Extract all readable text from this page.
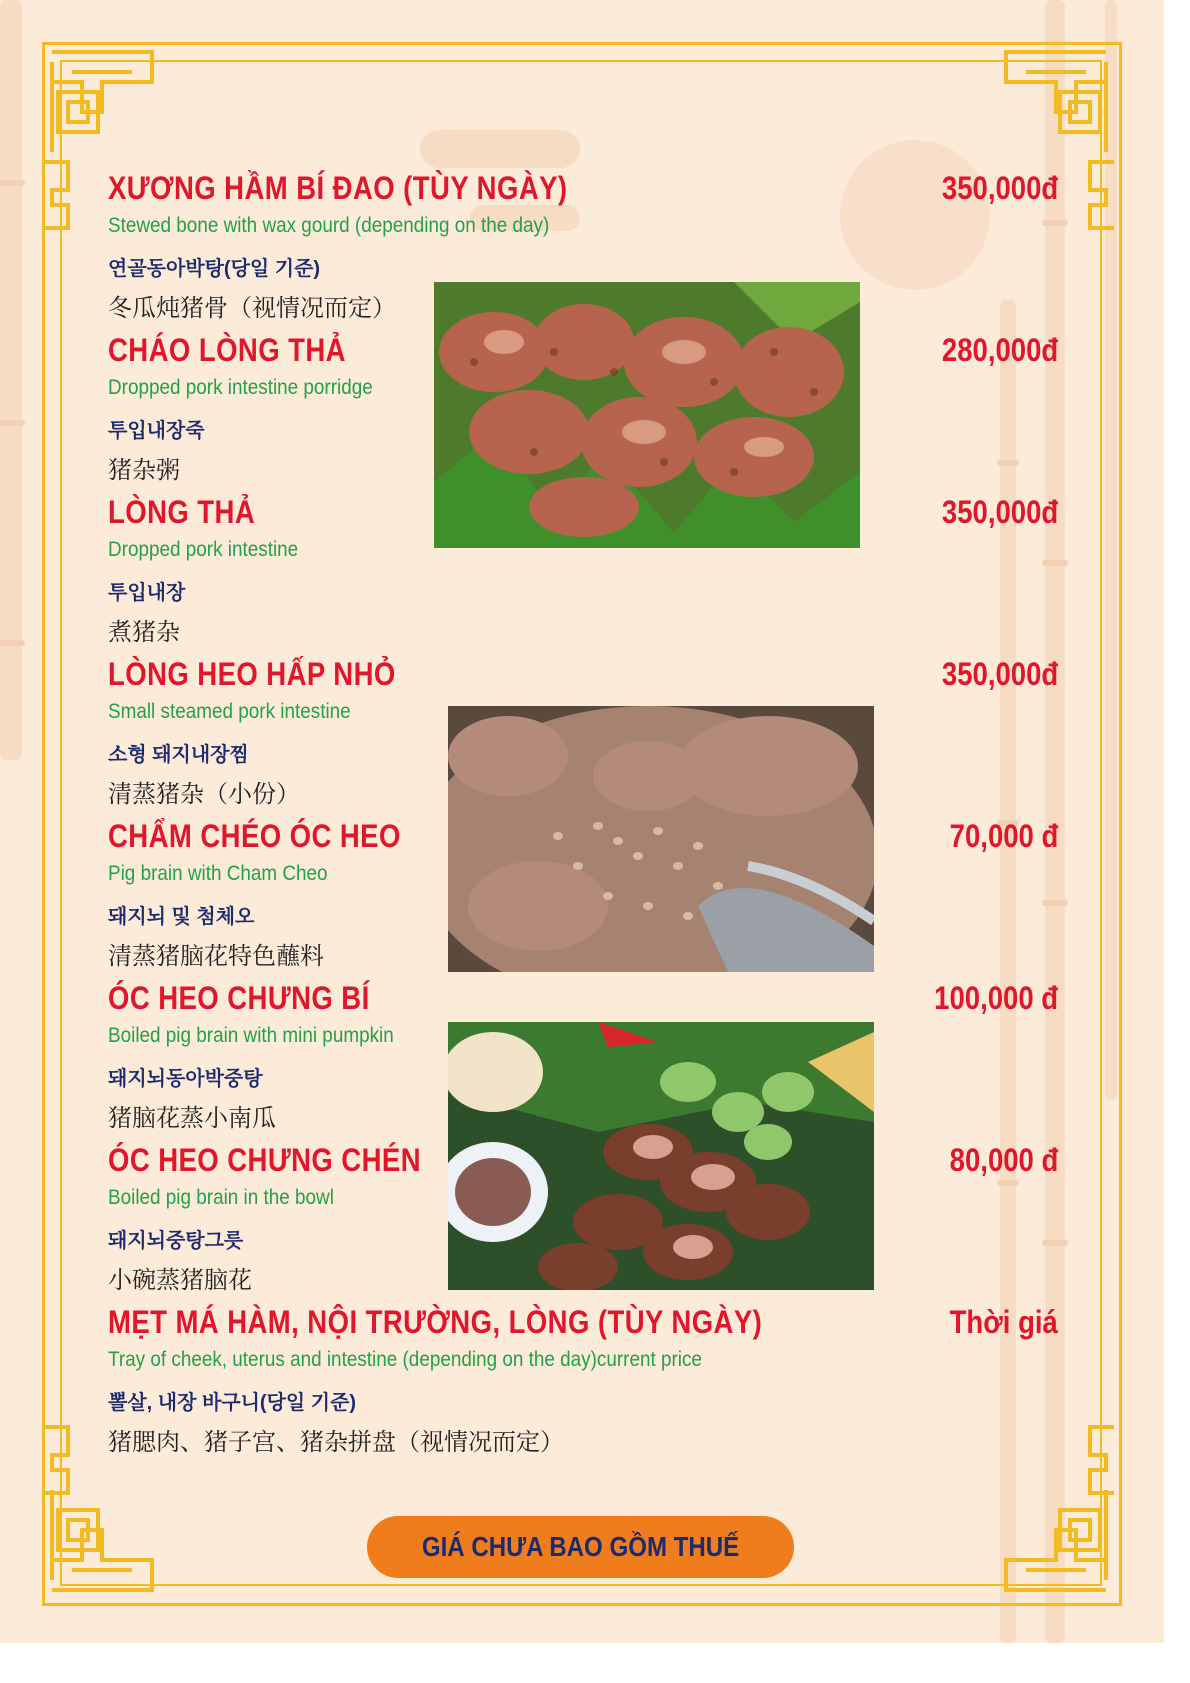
XƯƠNG HẦM BÍ ĐAO (TÙY NGÀY)	350,000đ
Stewed bone with wax gourd (depending on the day)
연골동아박탕(당일 기준)
冬瓜炖猪骨（视情况而定）
CHÁO LÒNG THẢ	280,000đ
Dropped pork intestine porridge
투입내장죽
猪杂粥
LÒNG THẢ	350,000đ
Dropped pork intestine
투입내장
煮猪杂
LÒNG HEO HẤP NHỎ	350,000đ
Small steamed pork intestine
소형 돼지내장찜
清蒸猪杂（小份）
CHẨM CHÉO ÓC HEO	70,000 đ
Pig brain with Cham Cheo
돼지뇌 및 첨체오
清蒸猪脑花特色蘸料
ÓC HEO CHƯNG BÍ	100,000 đ
Boiled pig brain with mini pumpkin
돼지뇌동아박중탕
猪脑花蒸小南瓜
ÓC HEO CHƯNG CHÉN	80,000 đ
Boiled pig brain in the bowl
돼지뇌중탕그릇
小碗蒸猪脑花
MẸT MÁ HÀM, NỘI TRƯỜNG, LÒNG (TÙY NGÀY)	Thời giá
Tray of cheek, uterus and intestine (depending on the day)current price
뽈살, 내장 바구니(당일 기준)
猪腮肉、猪子宫、猪杂拼盘（视情况而定）
GIÁ CHƯA BAO GỒM THUẾ
